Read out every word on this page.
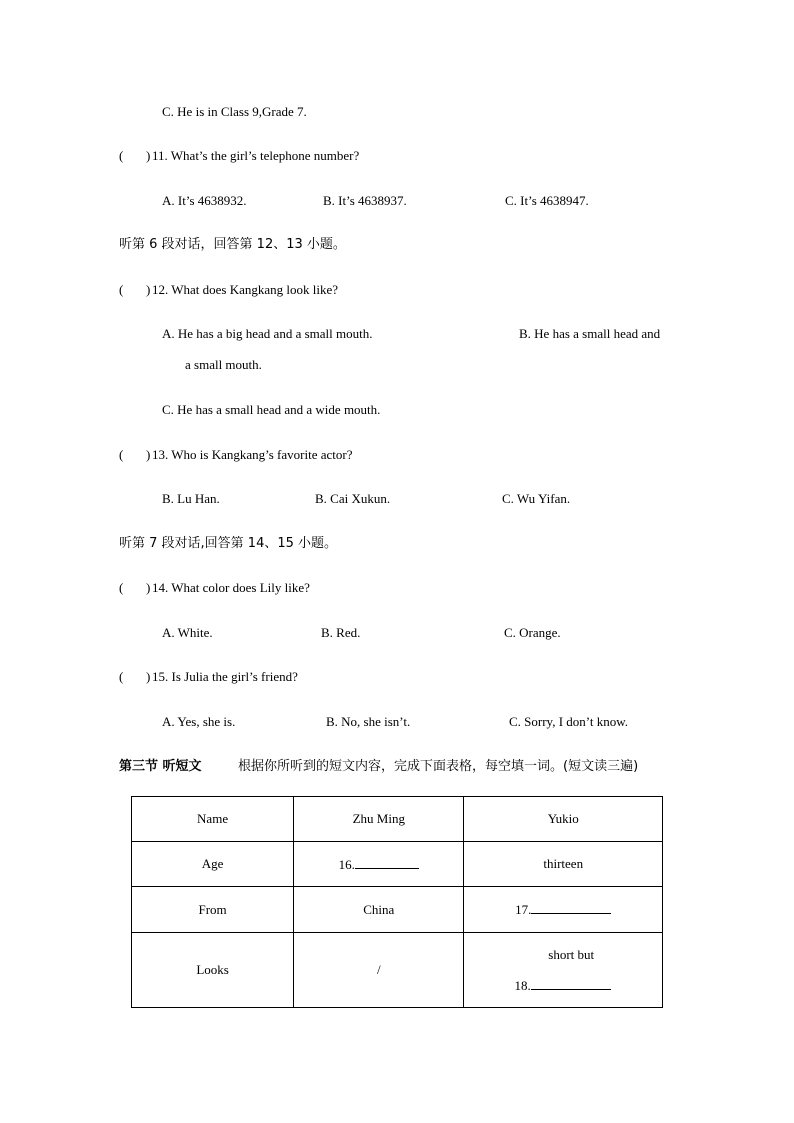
C. He is in Class 9,Grade 7.
( ) 11. What’s the girl’s telephone number?
A. It’s 4638932.	B. It’s 4638937.	C. It’s 4638947.
听第 6 段对话，回答第 12、13 小题。
( ) 12. What does Kangkang look like?
A. He has a big head and a small mouth.	B. He has a small head and
a small mouth.
C. He has a small head and a wide mouth.
( ) 13. Who is Kangkang’s favorite actor?
B. Lu Han.	B. Cai Xukun.	C. Wu Yifan.
听第 7 段对话,回答第 14、15 小题。
( ) 14. What color does Lily like?
A. White.	B. Red.	C. Orange.
( ) 15. Is Julia the girl’s friend?
A. Yes, she is.	B. No, she isn’t.	C. Sorry, I don’t know.
第三节 听短文	根据你所听到的短文内容，完成下面表格，每空填一词。(短文读三遍)
Name	Zhu Ming	Yukio
Age	16.	thirteen
From	China	17.
Looks	/	short but
18.
